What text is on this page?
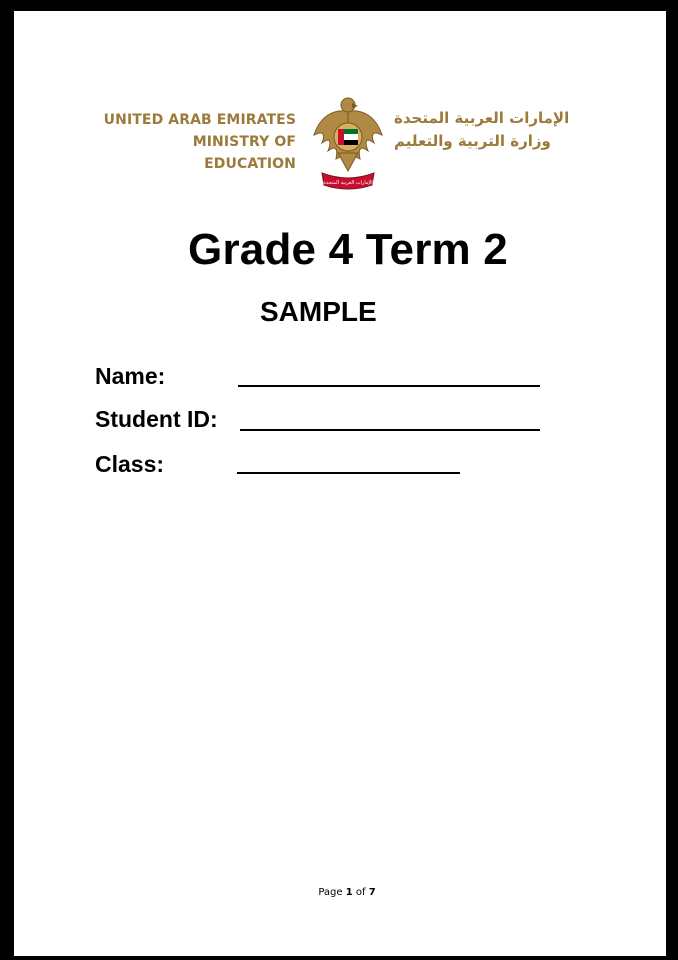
UNITED ARAB EMIRATES
MINISTRY OF EDUCATION
الإمارات العربية المتحدة
الإمارات العربية المتحدة
وزارة التربية والتعليم
Grade 4 Term 2
SAMPLE
Name:
Student ID:
Class:
Page 1 of 7
